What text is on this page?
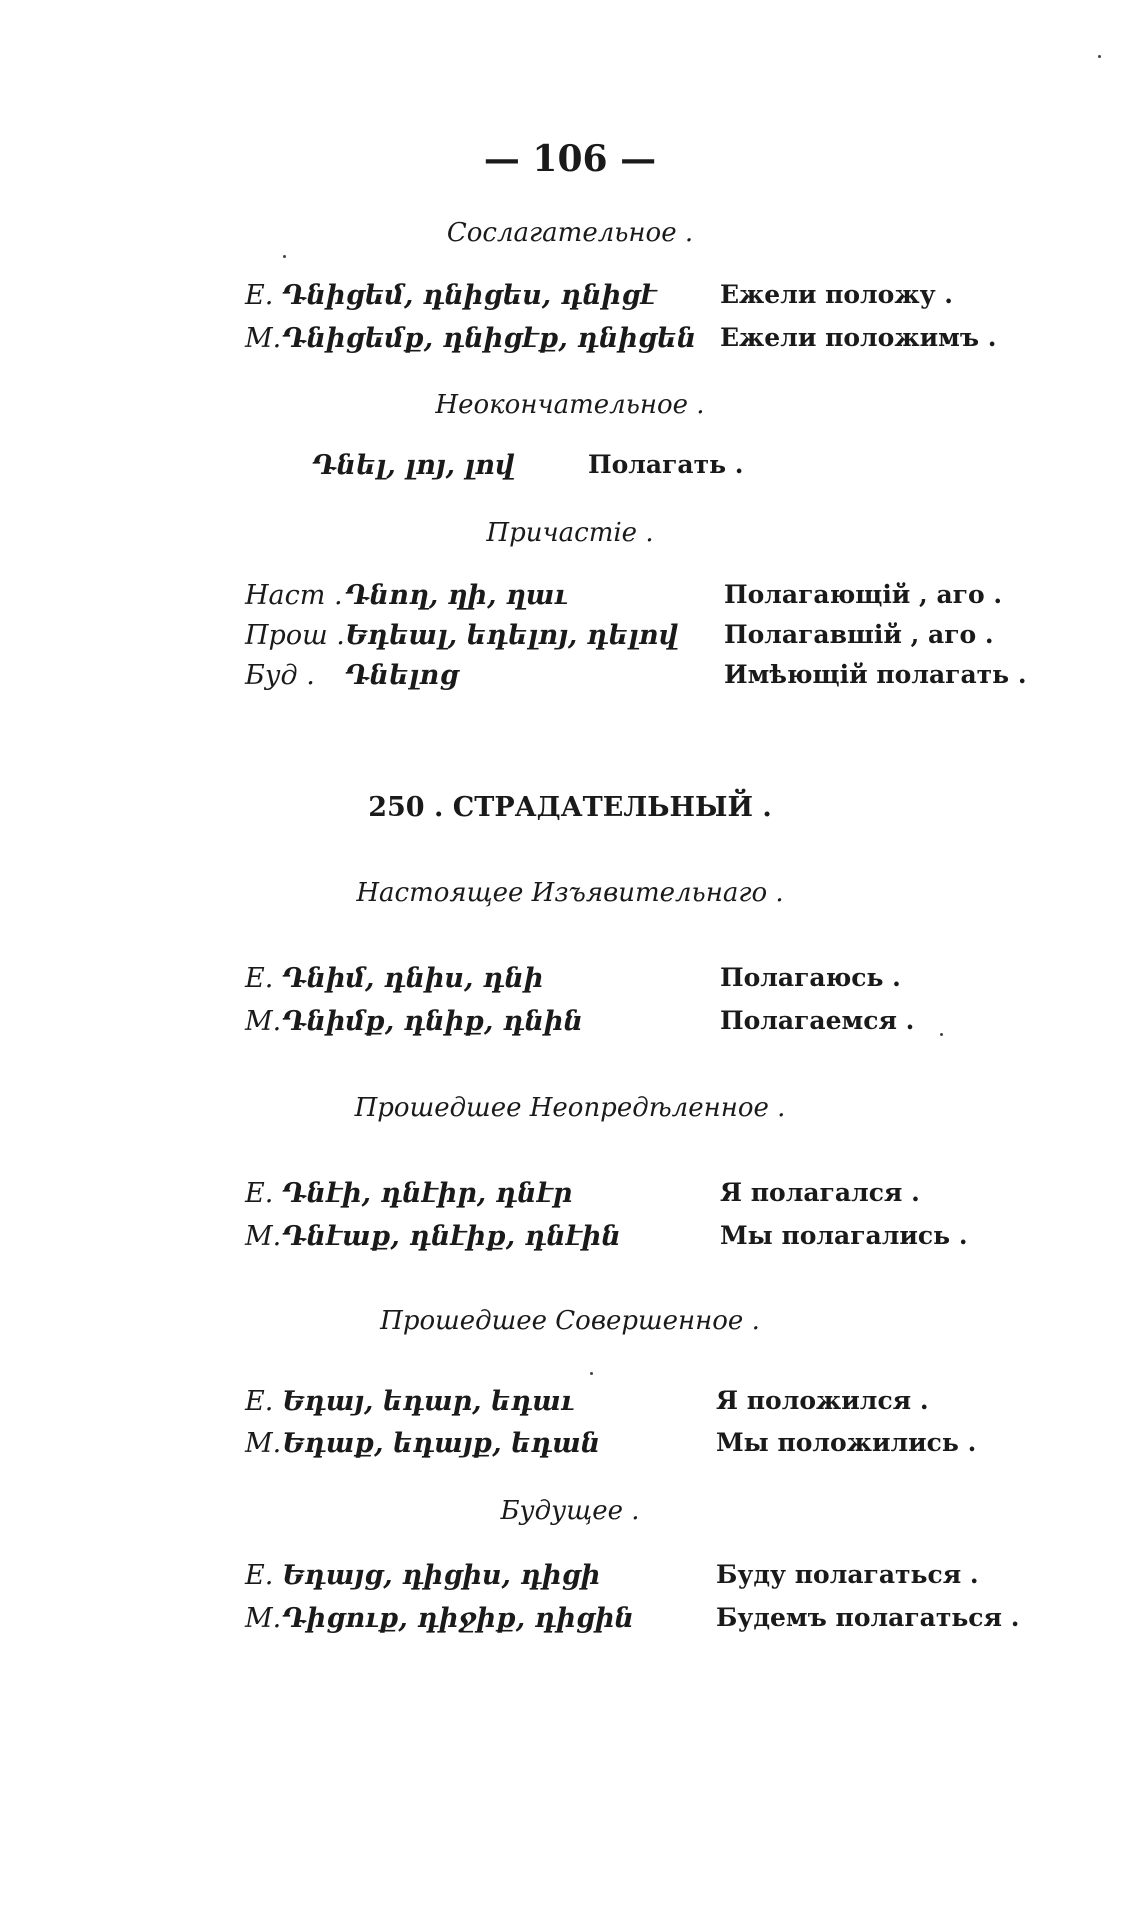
— 106 —
Сослагательное .
Е. Դնիցեմ, դնիցես, դնիցէ	Ежели положу .
М. Դնիցեմք, դնիցէք, դնիցեն Ежели положимъ .
Неокончательное .
Դնել, լոյ, լով	Полагать .
Причастіе .
Наст . Դնող, ղի, ղաւ	Полагающій , аго .
Прош . Եդեալ, եդելոյ, դելով Полагавшій , аго .
Буд . Դնելոց	Имѣющій полагать .
250 . СТРАДАТЕЛЬНЫЙ .
Настоящее Изъявительнаго .
Е. Դնիմ, դնիս, դնի	Полагаюсь .
М. Դնիմք, դնիք, դնին	Полагаемся .
Прошедшее Неопредѣленное .
Е. Դնէի, դնէիր, դնէր	Я полагался .
М. Դնէաք, դնէիք, դնէին	Мы полагались .
Прошедшее Совершенное .
Е. Եդայ, եդար, եդաւ	Я положился .
М. Եդաք, եդայք, եդան	Мы положились .
Будущее .
Е. Եդայց, դիցիս, դիցի	Буду полагаться .
М. Դիցուք, դիջիք, դիցին	Будемъ полагаться .
